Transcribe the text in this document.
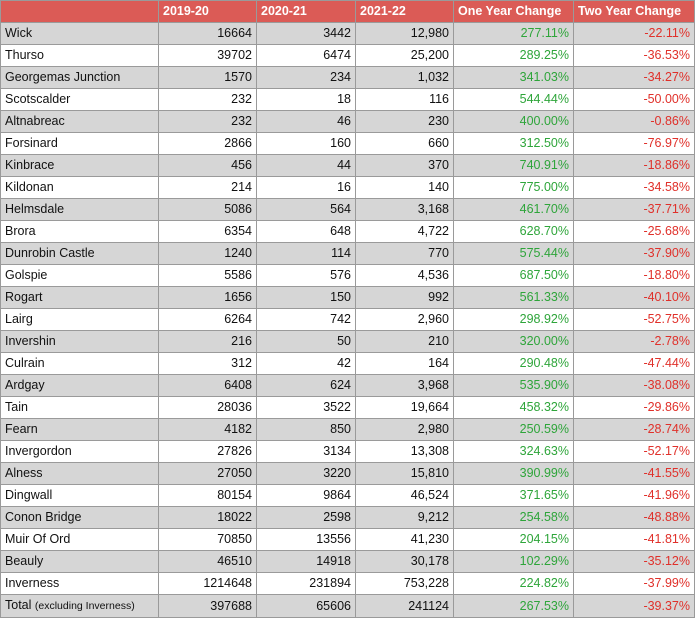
	2019-20	2020-21	2021-22	One Year Change	Two Year Change
Wick	16664	3442	12,980	277.11%	-22.11%
Thurso	39702	6474	25,200	289.25%	-36.53%
Georgemas Junction	1570	234	1,032	341.03%	-34.27%
Scotscalder	232	18	116	544.44%	-50.00%
Altnabreac	232	46	230	400.00%	-0.86%
Forsinard	2866	160	660	312.50%	-76.97%
Kinbrace	456	44	370	740.91%	-18.86%
Kildonan	214	16	140	775.00%	-34.58%
Helmsdale	5086	564	3,168	461.70%	-37.71%
Brora	6354	648	4,722	628.70%	-25.68%
Dunrobin Castle	1240	114	770	575.44%	-37.90%
Golspie	5586	576	4,536	687.50%	-18.80%
Rogart	1656	150	992	561.33%	-40.10%
Lairg	6264	742	2,960	298.92%	-52.75%
Invershin	216	50	210	320.00%	-2.78%
Culrain	312	42	164	290.48%	-47.44%
Ardgay	6408	624	3,968	535.90%	-38.08%
Tain	28036	3522	19,664	458.32%	-29.86%
Fearn	4182	850	2,980	250.59%	-28.74%
Invergordon	27826	3134	13,308	324.63%	-52.17%
Alness	27050	3220	15,810	390.99%	-41.55%
Dingwall	80154	9864	46,524	371.65%	-41.96%
Conon Bridge	18022	2598	9,212	254.58%	-48.88%
Muir Of Ord	70850	13556	41,230	204.15%	-41.81%
Beauly	46510	14918	30,178	102.29%	-35.12%
Inverness	1214648	231894	753,228	224.82%	-37.99%
Total (excluding Inverness)	397688	65606	241124	267.53%	-39.37%
